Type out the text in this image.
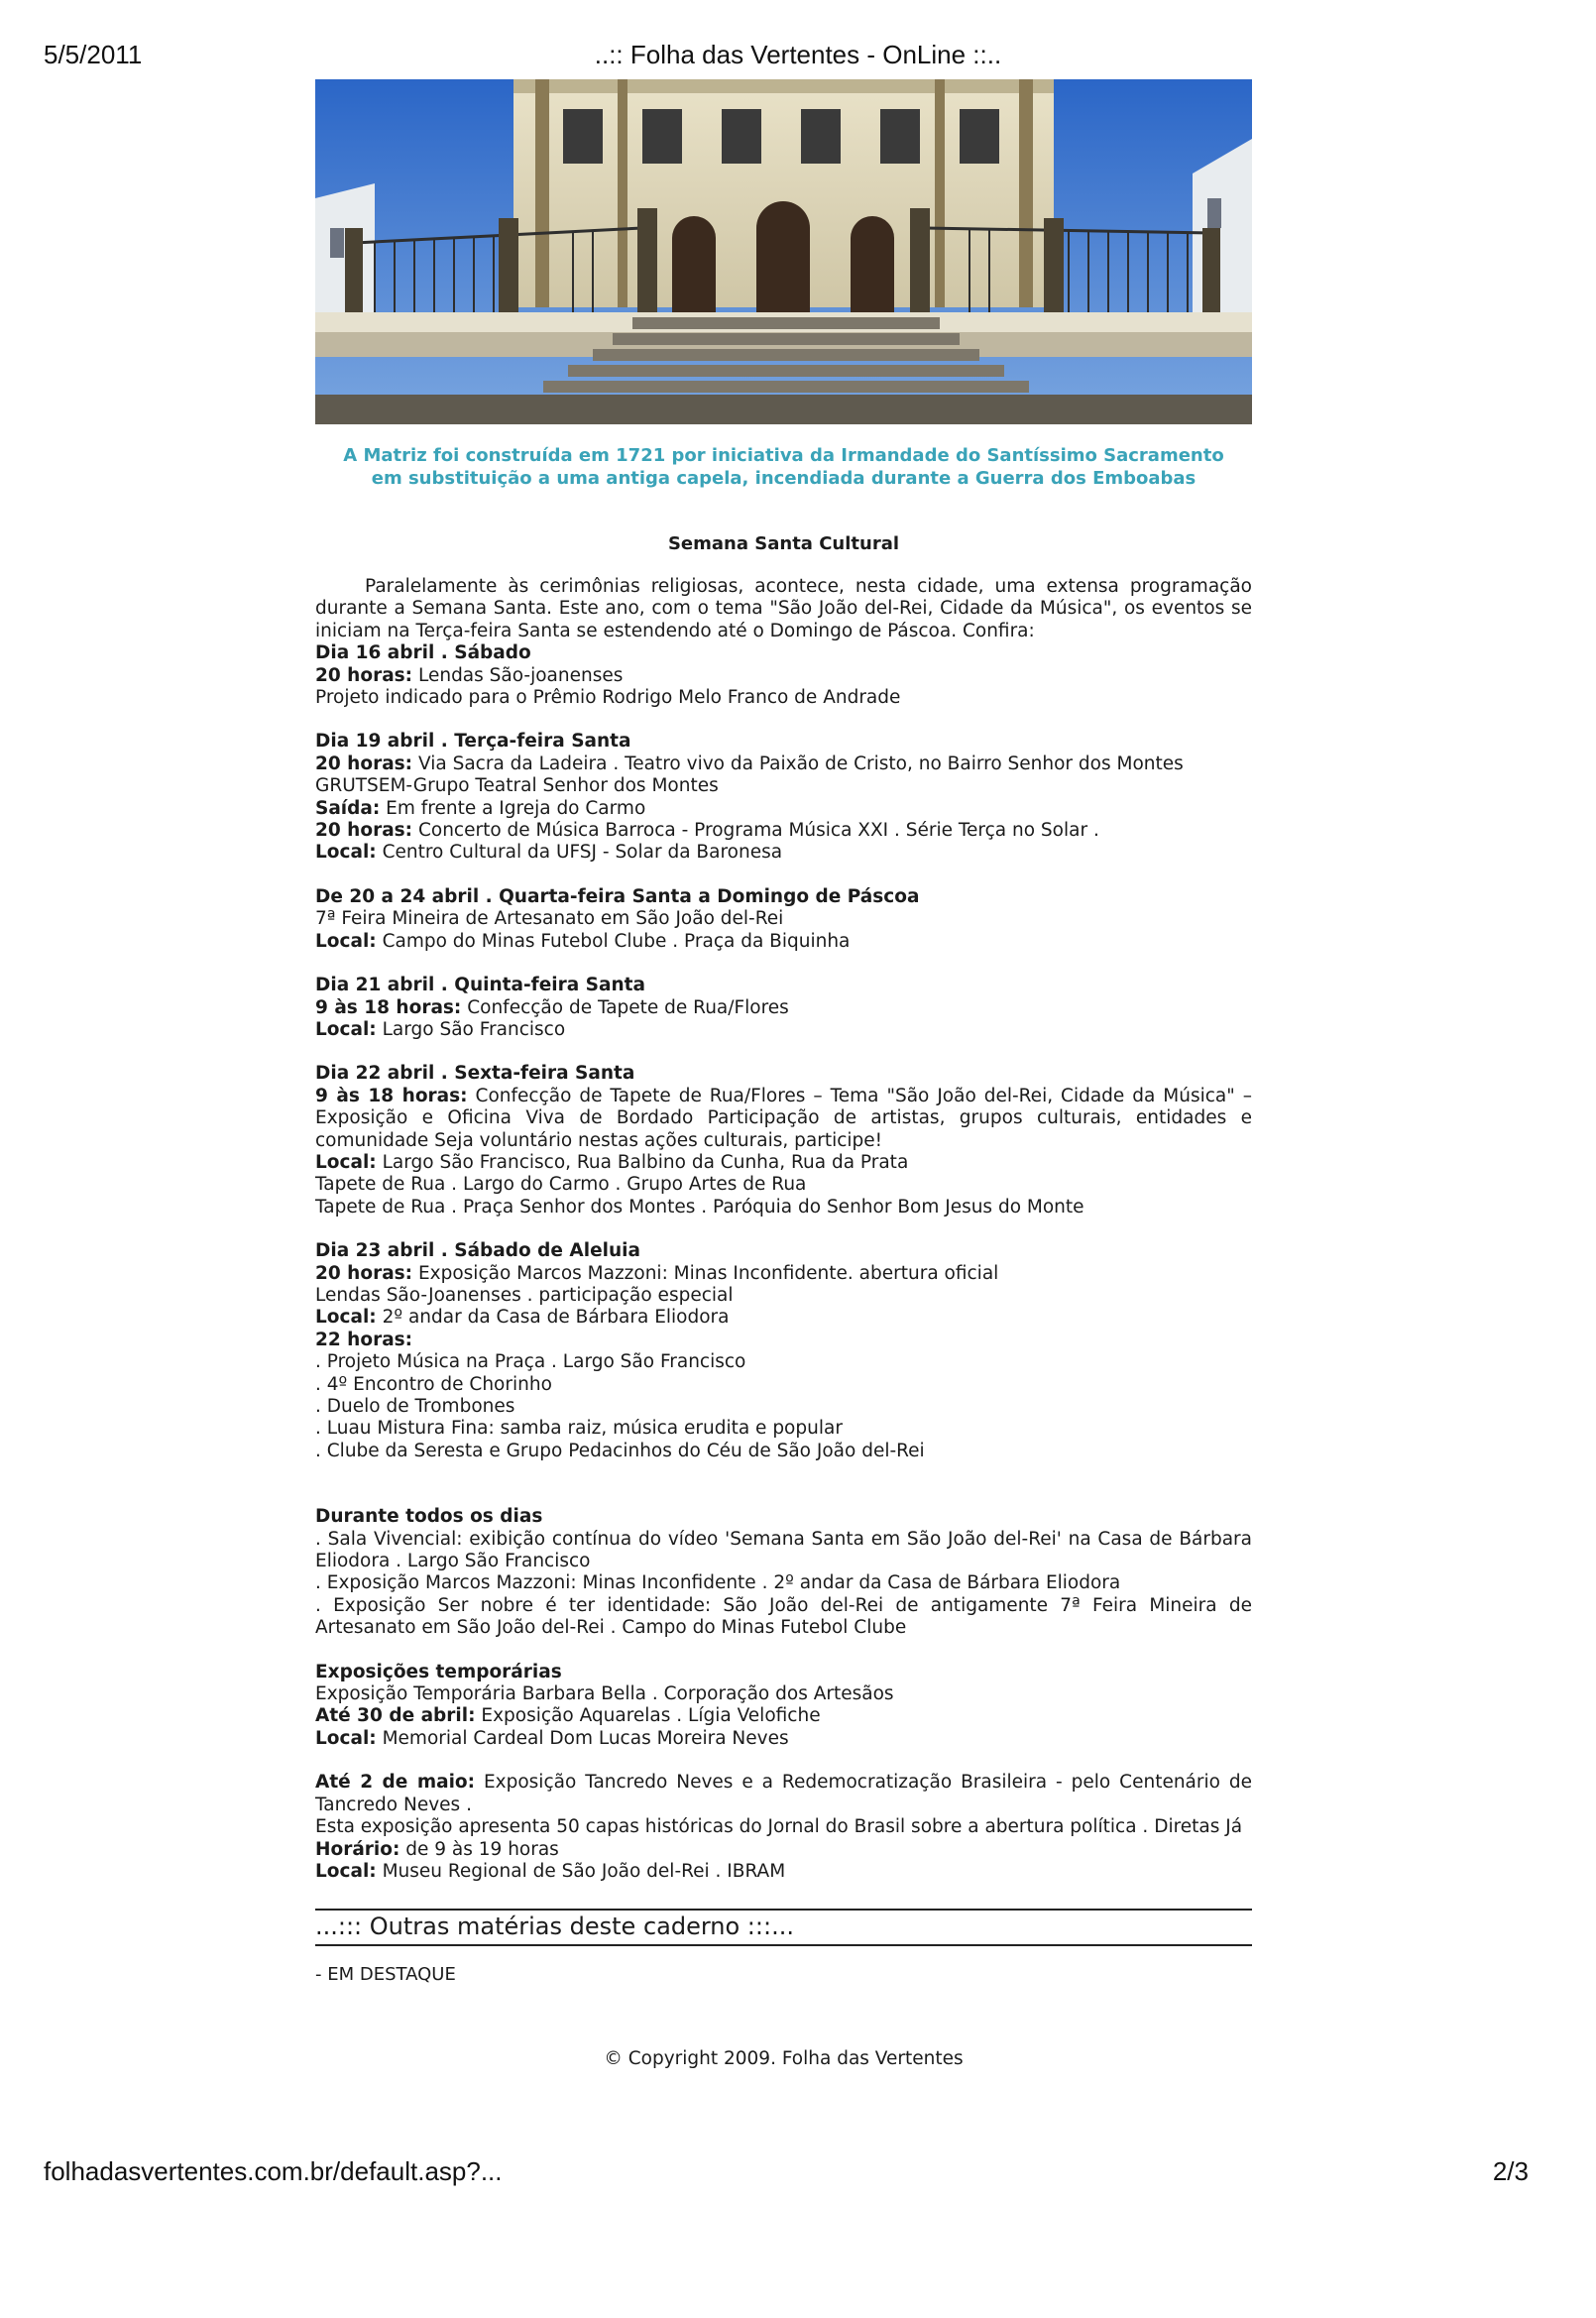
5/5/2011	..:: Folha das Vertentes - OnLine ::..
A Matriz foi construída em 1721 por iniciativa da Irmandade do Santíssimo Sacramento
em substituição a uma antiga capela, incendiada durante a Guerra dos Emboabas
Semana Santa Cultural

Paralelamente às cerimônias religiosas, acontece, nesta cidade, uma extensa programação durante a Semana Santa. Este ano, com o tema "São João del-Rei, Cidade da Música", os eventos se iniciam na Terça-feira Santa se estendendo até o Domingo de Páscoa. Confira:

Dia 16 abril . Sábado

20 horas: Lendas São-joanenses

Projeto indicado para o Prêmio Rodrigo Melo Franco de Andrade

Dia 19 abril . Terça-feira Santa

20 horas: Via Sacra da Ladeira . Teatro vivo da Paixão de Cristo, no Bairro Senhor dos Montes

GRUTSEM-Grupo Teatral Senhor dos Montes

Saída: Em frente a Igreja do Carmo

20 horas: Concerto de Música Barroca - Programa Música XXI . Série Terça no Solar .

Local: Centro Cultural da UFSJ - Solar da Baronesa

De 20 a 24 abril . Quarta-feira Santa a Domingo de Páscoa

7ª Feira Mineira de Artesanato em São João del-Rei

Local: Campo do Minas Futebol Clube . Praça da Biquinha

Dia 21 abril . Quinta-feira Santa

9 às 18 horas: Confecção de Tapete de Rua/Flores

Local: Largo São Francisco

Dia 22 abril . Sexta-feira Santa

9 às 18 horas: Confecção de Tapete de Rua/Flores – Tema "São João del-Rei, Cidade da Música" – Exposição e Oficina Viva de Bordado Participação de artistas, grupos culturais, entidades e comunidade Seja voluntário nestas ações culturais, participe!

Local: Largo São Francisco, Rua Balbino da Cunha, Rua da Prata

Tapete de Rua . Largo do Carmo . Grupo Artes de Rua

Tapete de Rua . Praça Senhor dos Montes . Paróquia do Senhor Bom Jesus do Monte

Dia 23 abril . Sábado de Aleluia

20 horas: Exposição Marcos Mazzoni: Minas Inconfidente. abertura oficial

Lendas São-Joanenses . participação especial

Local: 2º andar da Casa de Bárbara Eliodora

22 horas:

. Projeto Música na Praça . Largo São Francisco

. 4º Encontro de Chorinho

. Duelo de Trombones

. Luau Mistura Fina: samba raiz, música erudita e popular

. Clube da Seresta e Grupo Pedacinhos do Céu de São João del-Rei

Durante todos os dias

. Sala Vivencial: exibição contínua do vídeo 'Semana Santa em São João del-Rei' na Casa de Bárbara Eliodora . Largo São Francisco

. Exposição Marcos Mazzoni: Minas Inconfidente . 2º andar da Casa de Bárbara Eliodora

. Exposição Ser nobre é ter identidade: São João del-Rei de antigamente 7ª Feira Mineira de Artesanato em São João del-Rei . Campo do Minas Futebol Clube

Exposições temporárias

Exposição Temporária Barbara Bella . Corporação dos Artesãos

Até 30 de abril: Exposição Aquarelas . Lígia Velofiche

Local: Memorial Cardeal Dom Lucas Moreira Neves

Até 2 de maio: Exposição Tancredo Neves e a Redemocratização Brasileira - pelo Centenário de Tancredo Neves .

Esta exposição apresenta 50 capas históricas do Jornal do Brasil sobre a abertura política . Diretas Já

Horário: de 9 às 19 horas

Local: Museu Regional de São João del-Rei . IBRAM

...::: Outras matérias deste caderno :::...
- EM DESTAQUE
© Copyright 2009. Folha das Vertentes
folhadasvertentes.com.br/default.asp?...	2/3
